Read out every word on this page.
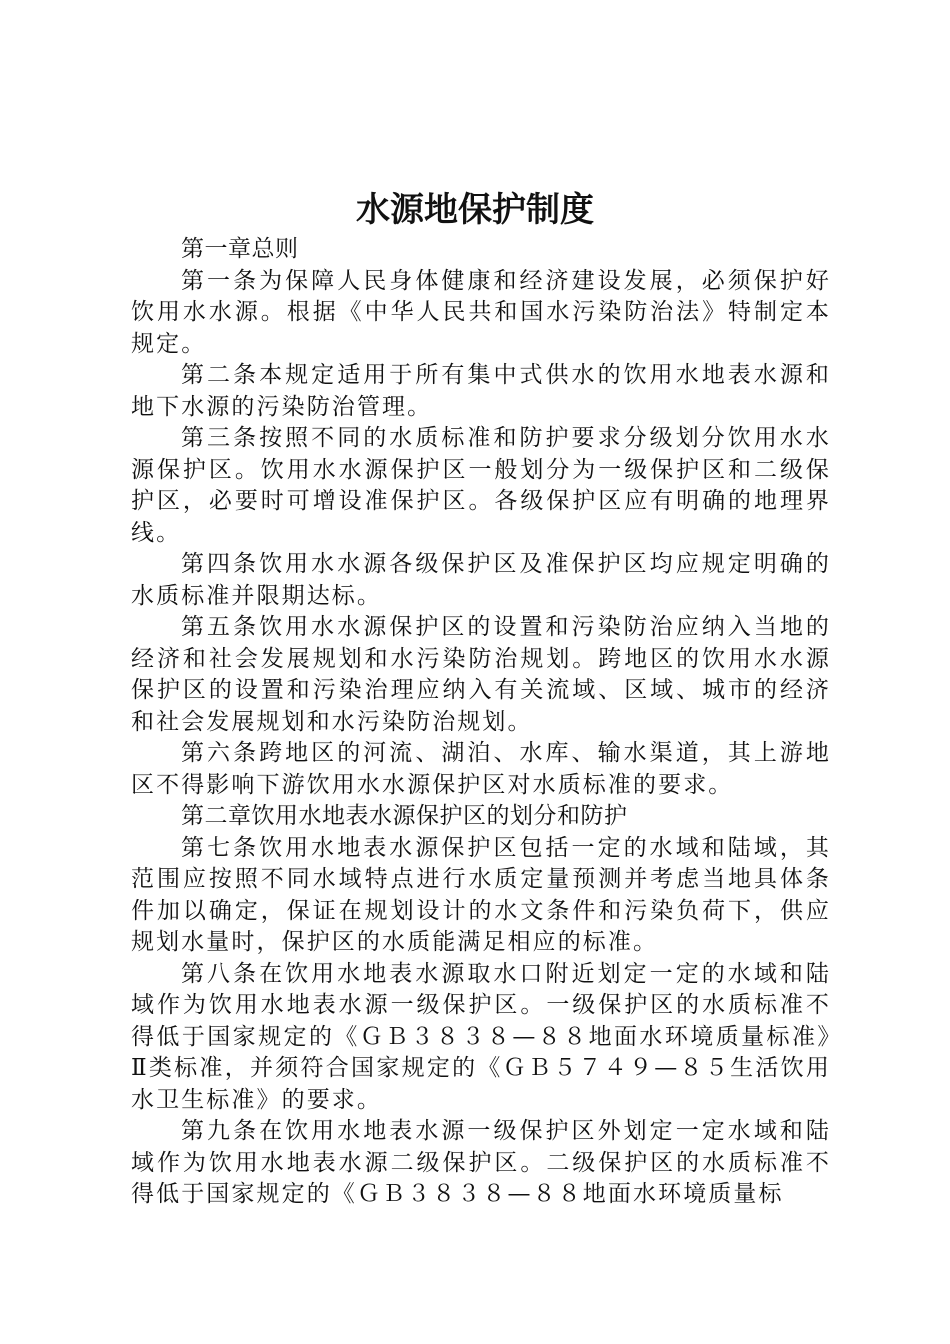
水源地保护制度

第一章总则

第一条为保障人民身体健康和经济建设发展，必须保护好饮用水水源。根据《中华人民共和国水污染防治法》特制定本规定。

第二条本规定适用于所有集中式供水的饮用水地表水源和地下水源的污染防治管理。

第三条按照不同的水质标准和防护要求分级划分饮用水水源保护区。饮用水水源保护区一般划分为一级保护区和二级保护区，必要时可增设准保护区。各级保护区应有明确的地理界线。

第四条饮用水水源各级保护区及准保护区均应规定明确的水质标准并限期达标。

第五条饮用水水源保护区的设置和污染防治应纳入当地的经济和社会发展规划和水污染防治规划。跨地区的饮用水水源保护区的设置和污染治理应纳入有关流域、区域、城市的经济和社会发展规划和水污染防治规划。

第六条跨地区的河流、湖泊、水库、输水渠道，其上游地区不得影响下游饮用水水源保护区对水质标准的要求。

第二章饮用水地表水源保护区的划分和防护

第七条饮用水地表水源保护区包括一定的水域和陆域，其范围应按照不同水域特点进行水质定量预测并考虑当地具体条件加以确定，保证在规划设计的水文条件和污染负荷下，供应规划水量时，保护区的水质能满足相应的标准。

第八条在饮用水地表水源取水口附近划定一定的水域和陆域作为饮用水地表水源一级保护区。一级保护区的水质标准不得低于国家规定的《ＧＢ３８３８—８８地面水环境质量标准》Ⅱ类标准，并须符合国家规定的《ＧＢ５７４９—８５生活饮用水卫生标准》的要求。

第九条在饮用水地表水源一级保护区外划定一定水域和陆域作为饮用水地表水源二级保护区。二级保护区的水质标准不得低于国家规定的《ＧＢ３８３８—８８地面水环境质量标
